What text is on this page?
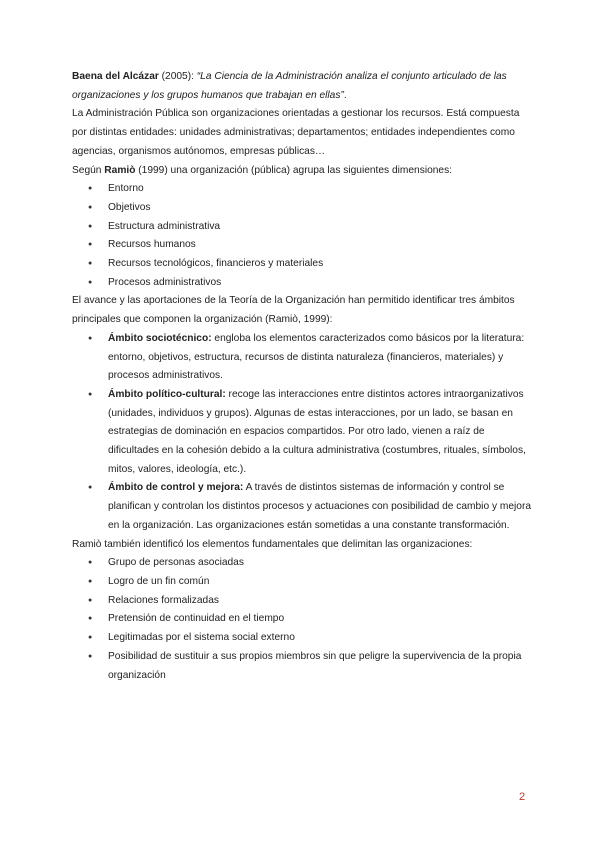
Baena del Alcázar (2005): “La Ciencia de la Administración analiza el conjunto articulado de las organizaciones y los grupos humanos que trabajan en ellas”.

La Administración Pública son organizaciones orientadas a gestionar los recursos. Está compuesta por distintas entidades: unidades administrativas; departamentos; entidades independientes como agencias, organismos autónomos, empresas públicas…

Según Ramiò (1999) una organización (pública) agrupa las siguientes dimensiones:

● Entorno
● Objetivos
● Estructura administrativa
● Recursos humanos
● Recursos tecnológicos, financieros y materiales
● Procesos administrativos

El avance y las aportaciones de la Teoría de la Organización han permitido identificar tres ámbitos principales que componen la organización (Ramiò, 1999):

● Ámbito sociotécnico: engloba los elementos caracterizados como básicos por la literatura: entorno, objetivos, estructura, recursos de distinta naturaleza (financieros, materiales) y procesos administrativos.
● Ámbito político-cultural: recoge las interacciones entre distintos actores intraorganizativos (unidades, individuos y grupos). Algunas de estas interacciones, por un lado, se basan en estrategias de dominación en espacios compartidos. Por otro lado, vienen a raíz de dificultades en la cohesión debido a la cultura administrativa (costumbres, rituales, símbolos, mitos, valores, ideología, etc.).
● Ámbito de control y mejora: A través de distintos sistemas de información y control se planifican y controlan los distintos procesos y actuaciones con posibilidad de cambio y mejora en la organización. Las organizaciones están sometidas a una constante transformación.

Ramiò también identificó los elementos fundamentales que delimitan las organizaciones:

● Grupo de personas asociadas
● Logro de un fin común
● Relaciones formalizadas
● Pretensión de continuidad en el tiempo
● Legitimadas por el sistema social externo
● Posibilidad de sustituir a sus propios miembros sin que peligre la supervivencia de la propia organización
2
